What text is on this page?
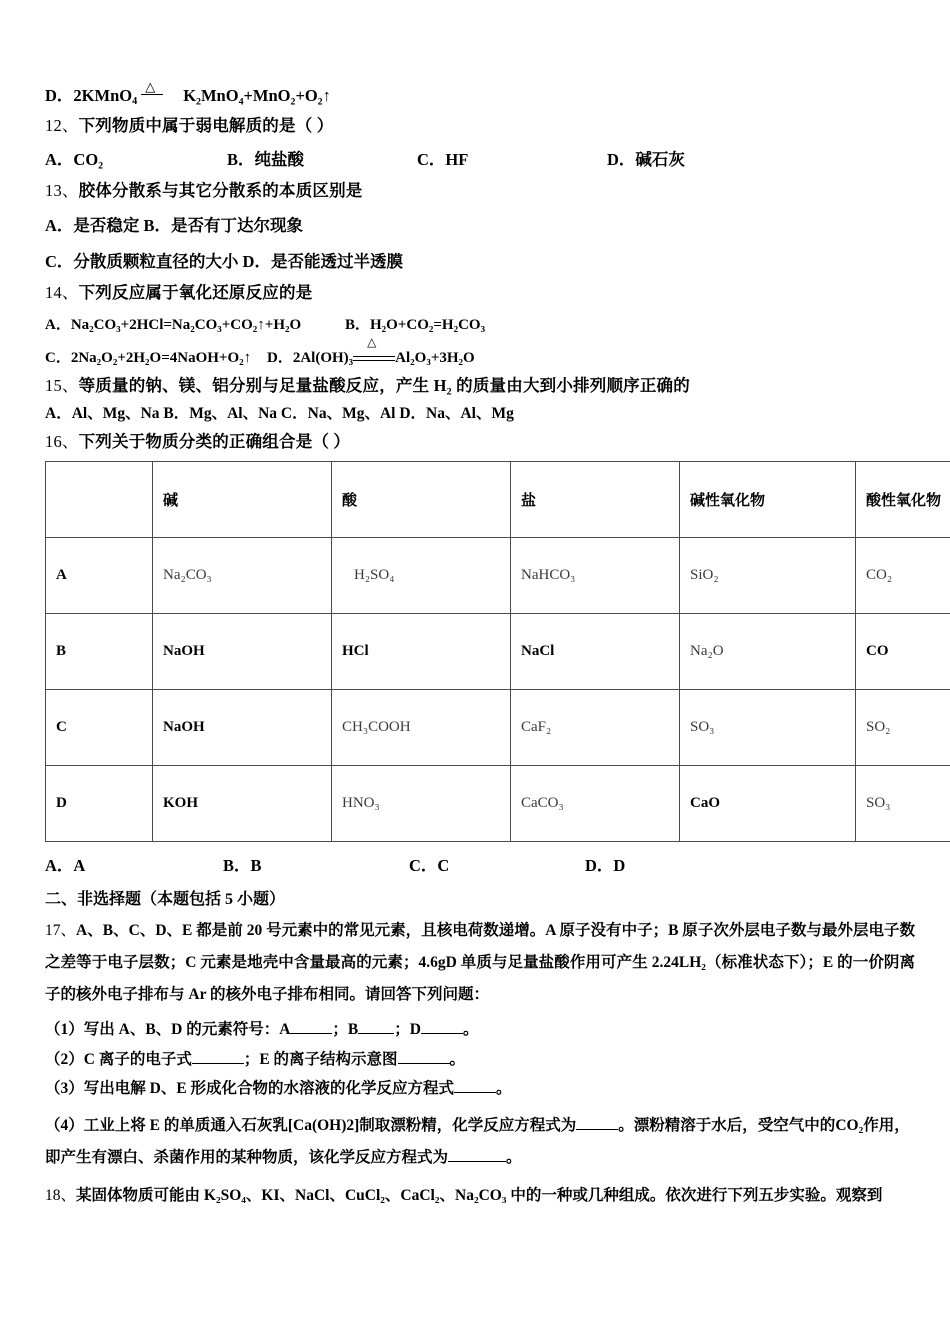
D．2KMnO$_4$
△ K₂MnO₄+MnO₂+O₂↑
12、下列物质中属于弱电解质的是（ ）
A．CO₂	B．纯盐酸	C．HF	D．碱石灰
13、胶体分散系与其它分散系的本质区别是
A．是否稳定 B．是否有丁达尔现象
C．分散质颗粒直径的大小 D．是否能透过半透膜
14、下列反应属于氧化还原反应的是
A．Na₂CO₃+2HCl=Na₂CO₃+CO₂↑+H₂O	B．H₂O+CO₂=H₂CO₃
C．2Na₂O₂+2H₂O=4NaOH+O₂↑ D．2Al(OH)₃
△
Al₂O₃+3H₂O
15、等质量的钠、镁、铝分别与足量盐酸反应，产生 H₂ 的质量由大到小排列顺序正确的
A．Al、Mg、Na B．Mg、Al、Na C．Na、Mg、Al D．Na、Al、Mg
16、下列关于物质分类的正确组合是（ ）
	碱	酸	盐	碱性氧化物	酸性氧化物
A	Na₂CO₃	H₂SO₄	NaHCO₃	SiO₂	CO₂
B	NaOH	HCl	NaCl	Na₂O	CO
C	NaOH	CH₃COOH	CaF₂	SO₃	SO₂
D	KOH	HNO₃	CaCO₃	CaO	SO₃
A．A	B．B	C．C	D．D
二、非选择题（本题包括 5 小题）
17、A、B、C、D、E 都是前 20 号元素中的常见元素，且核电荷数递增。A 原子没有中子；B 原子次外层电子数与最外层电子数之差等于电子层数；C 元素是地壳中含量最高的元素；4.6gD 单质与足量盐酸作用可产生 2.24LH₂（标准状态下）；E 的一价阴离子的核外电子排布与 Ar 的核外电子排布相同。请回答下列问题：
（1）写出 A、B、D 的元素符号：A	；B ；D	。
（2）C 离子的电子式	；E 的离子结构示意图	。
（3）写出电解 D、E 形成化合物的水溶液的化学反应方程式	。
（4）工业上将 E 的单质通入石灰乳[Ca(OH)2]制取漂粉精，化学反应方程式为	。漂粉精溶于水后，受空气中的CO₂作用，即产生有漂白、杀菌作用的某种物质，该化学反应方程式为	。
18、某固体物质可能由 K₂SO₄、KI、NaCl、CuCl₂、CaCl₂、Na₂CO₃ 中的一种或几种组成。依次进行下列五步实验。观察到
